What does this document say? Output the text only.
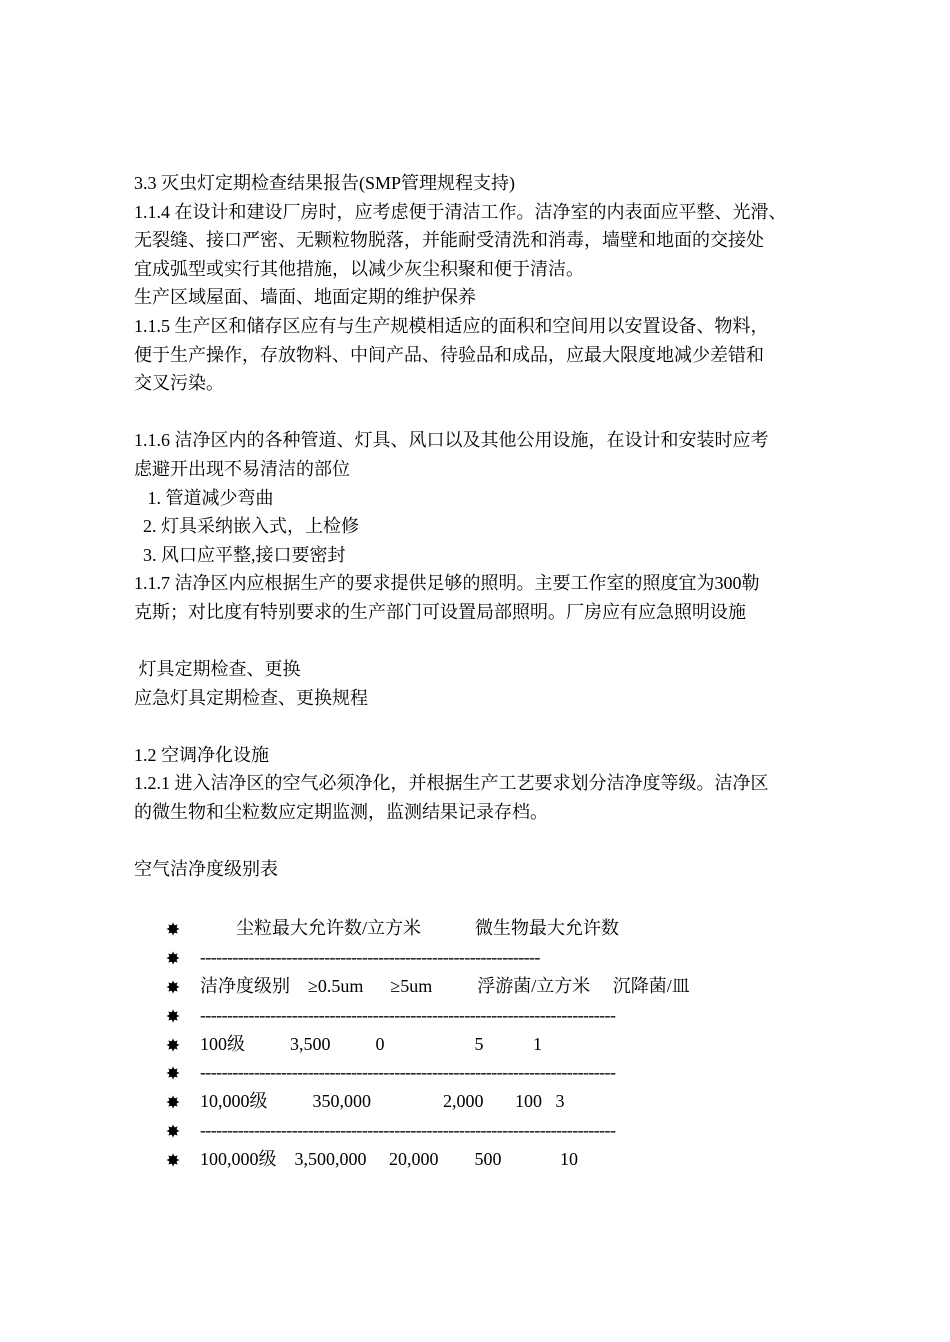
3.3 灭虫灯定期检查结果报告(SMP管理规程支持)

1.1.4 在设计和建设厂房时，应考虑便于清洁工作。洁净室的内表面应平整、光滑、

无裂缝、接口严密、无颗粒物脱落，并能耐受清洗和消毒，墙壁和地面的交接处

宜成弧型或实行其他措施，以减少灰尘积聚和便于清洁。

生产区域屋面、墙面、地面定期的维护保养

1.1.5 生产区和储存区应有与生产规模相适应的面积和空间用以安置设备、物料，

便于生产操作，存放物料、中间产品、待验品和成品，应最大限度地减少差错和

交叉污染。

1.1.6 洁净区内的各种管道、灯具、风口以及其他公用设施，在设计和安装时应考

虑避开出现不易清洁的部位

1. 管道减少弯曲

2. 灯具采纳嵌入式，上检修

3. 风口应平整,接口要密封

1.1.7 洁净区内应根据生产的要求提供足够的照明。主要工作室的照度宜为300勒

克斯；对比度有特别要求的生产部门可设置局部照明。厂房应有应急照明设施

灯具定期检查、更换

应急灯具定期检查、更换规程

1.2 空调净化设施

1.2.1 进入洁净区的空气必须净化，并根据生产工艺要求划分洁净度等级。洁净区

的微生物和尘粒数应定期监测，监测结果记录存档。

空气洁净度级别表

尘粒最大允许数/立方米            微生物最大允许数
---------------------------------------------------------------
洁净度级别    ≥0.5um      ≥5um          浮游菌/立方米     沉降菌/皿
-----------------------------------------------------------------------------
100级          3,500          0                    5           1
-----------------------------------------------------------------------------
10,000级          350,000                2,000       100   3
-----------------------------------------------------------------------------
100,000级    3,500,000     20,000        500             10
